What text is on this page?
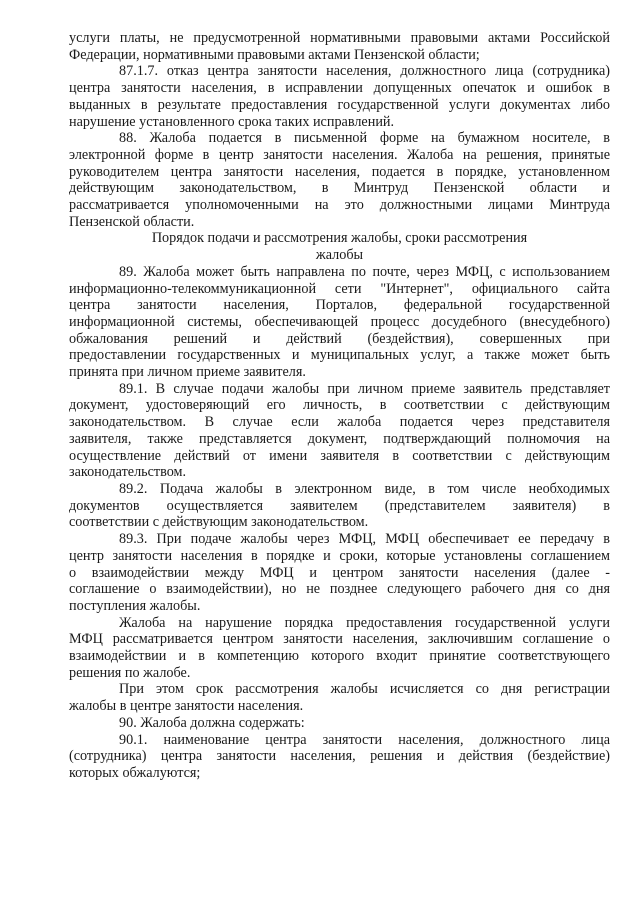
услуги платы, не предусмотренной нормативными правовыми актами Российской

Федерации, нормативными правовыми актами Пензенской области;

87.1.7. отказ центра занятости населения, должностного лица (сотрудника)

центра занятости населения, в исправлении допущенных опечаток и ошибок в

выданных в результате предоставления государственной услуги документах либо

нарушение установленного срока таких исправлений.

88. Жалоба подается в письменной форме на бумажном носителе, в

электронной форме в центр занятости населения. Жалоба на решения, принятые

руководителем центра занятости населения, подается в порядке, установленном

действующим законодательством, в Минтруд Пензенской области и

рассматривается уполномоченными на это должностными лицами Минтруда

Пензенской области.

Порядок подачи и рассмотрения жалобы, сроки рассмотрения
жалобы

89. Жалоба может быть направлена по почте, через МФЦ, с использованием

информационно-телекоммуникационной сети "Интернет", официального сайта

центра занятости населения, Порталов, федеральной государственной

информационной системы, обеспечивающей процесс досудебного (внесудебного)

обжалования решений и действий (бездействия), совершенных при

предоставлении государственных и муниципальных услуг, а также может быть

принята при личном приеме заявителя.

89.1. В случае подачи жалобы при личном приеме заявитель представляет

документ, удостоверяющий его личность, в соответствии с действующим

законодательством. В случае если жалоба подается через представителя

заявителя, также представляется документ, подтверждающий полномочия на

осуществление действий от имени заявителя в соответствии с действующим

законодательством.

89.2. Подача жалобы в электронном виде, в том числе необходимых

документов осуществляется заявителем (представителем заявителя) в

соответствии с действующим законодательством.

89.3. При подаче жалобы через МФЦ, МФЦ обеспечивает ее передачу в

центр занятости населения в порядке и сроки, которые установлены соглашением

о взаимодействии между МФЦ и центром занятости населения (далее -

соглашение о взаимодействии), но не позднее следующего рабочего дня со дня

поступления жалобы.

Жалоба на нарушение порядка предоставления государственной услуги

МФЦ рассматривается центром занятости населения, заключившим соглашение о

взаимодействии и в компетенцию которого входит принятие соответствующего

решения по жалобе.

При этом срок рассмотрения жалобы исчисляется со дня регистрации

жалобы в центре занятости населения.

90. Жалоба должна содержать:

90.1. наименование центра занятости населения, должностного лица

(сотрудника) центра занятости населения, решения и действия (бездействие)

которых обжалуются;
